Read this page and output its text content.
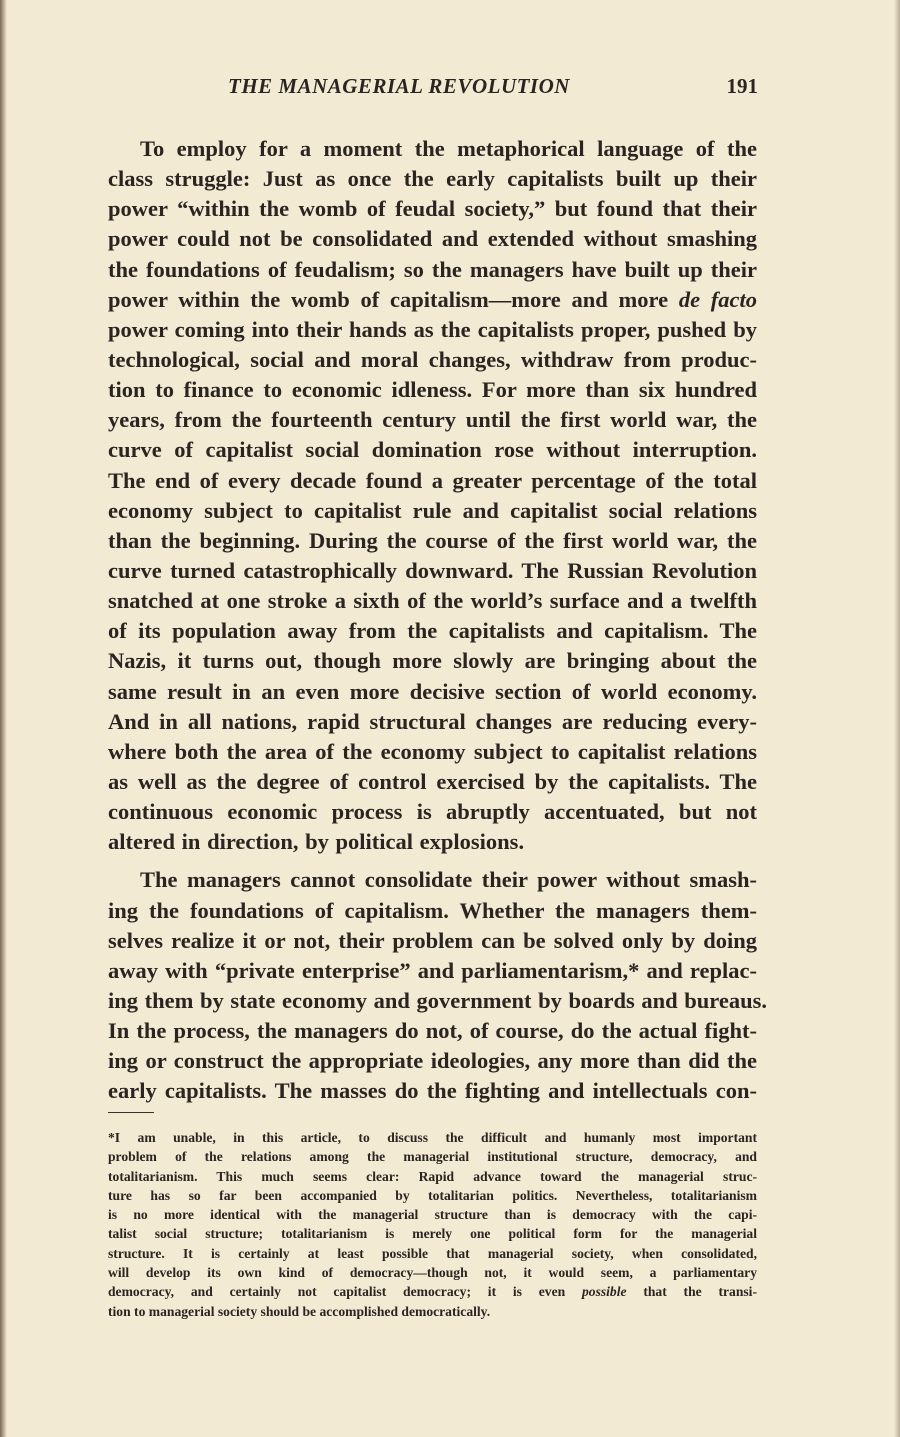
THE MANAGERIAL REVOLUTION	191
To employ for a moment the metaphorical language of the
class struggle: Just as once the early capitalists built up their
power “within the womb of feudal society,” but found that their
power could not be consolidated and extended without smashing
the foundations of feudalism; so the managers have built up their
power within the womb of capitalism—more and more de facto
power coming into their hands as the capitalists proper, pushed by
technological, social and moral changes, withdraw from produc-
tion to finance to economic idleness. For more than six hundred
years, from the fourteenth century until the first world war, the
curve of capitalist social domination rose without interruption.
The end of every decade found a greater percentage of the total
economy subject to capitalist rule and capitalist social relations
than the beginning. During the course of the first world war, the
curve turned catastrophically downward. The Russian Revolution
snatched at one stroke a sixth of the world’s surface and a twelfth
of its population away from the capitalists and capitalism. The
Nazis, it turns out, though more slowly are bringing about the
same result in an even more decisive section of world economy.
And in all nations, rapid structural changes are reducing every-
where both the area of the economy subject to capitalist relations
as well as the degree of control exercised by the capitalists. The
continuous economic process is abruptly accentuated, but not
altered in direction, by political explosions.
The managers cannot consolidate their power without smash-
ing the foundations of capitalism. Whether the managers them-
selves realize it or not, their problem can be solved only by doing
away with “private enterprise” and parliamentarism,* and replac-
ing them by state economy and government by boards and bureaus.
In the process, the managers do not, of course, do the actual fight-
ing or construct the appropriate ideologies, any more than did the
early capitalists. The masses do the fighting and intellectuals con-
*I am unable, in this article, to discuss the difficult and humanly most important
problem of the relations among the managerial institutional structure, democracy, and
totalitarianism. This much seems clear: Rapid advance toward the managerial struc-
ture has so far been accompanied by totalitarian politics. Nevertheless, totalitarianism
is no more identical with the managerial structure than is democracy with the capi-
talist social structure; totalitarianism is merely one political form for the managerial
structure. It is certainly at least possible that managerial society, when consolidated,
will develop its own kind of democracy—though not, it would seem, a parliamentary
democracy, and certainly not capitalist democracy; it is even possible that the transi-
tion to managerial society should be accomplished democratically.
